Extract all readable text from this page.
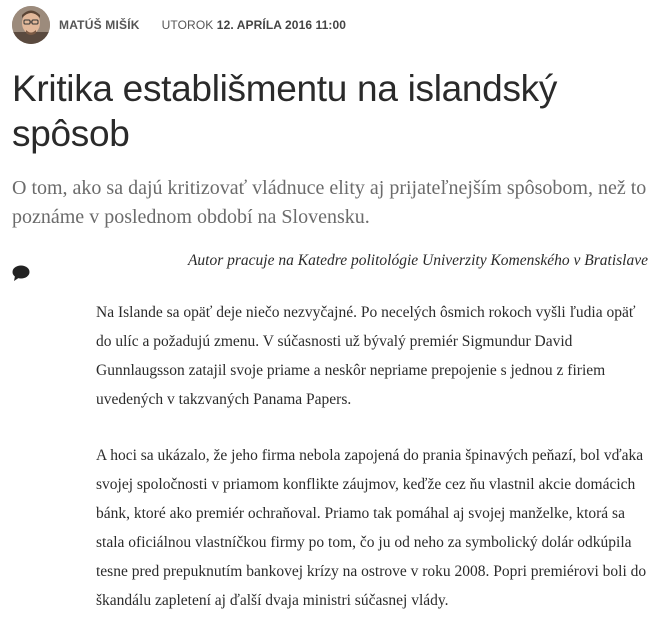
MATÚŠ MIŠÍK UTOROK 12. APRÍLA 2016 11:00
Kritika establišmentu na islandský spôsob

O tom, ako sa dajú kritizovať vládnuce elity aj prijateľnejším spôsobom, než to poznáme v poslednom období na Slovensku.

Autor pracuje na Katedre politológie Univerzity Komenského v Bratislave

Na Islande sa opäť deje niečo nezvyčajné. Po necelých ôsmich rokoch vyšli ľudia opäť do ulíc a požadujú zmenu. V súčasnosti už bývalý premiér Sigmundur David Gunnlaugsson zatajil svoje priame a neskôr nepriame prepojenie s jednou z firiem uvedených v takzvaných Panama Papers.

A hoci sa ukázalo, že jeho firma nebola zapojená do prania špinavých peňazí, bol vďaka svojej spoločnosti v priamom konflikte záujmov, keďže cez ňu vlastnil akcie domácich bánk, ktoré ako premiér ochraňoval. Priamo tak pomáhal aj svojej manželke, ktorá sa stala oficiálnou vlastníčkou firmy po tom, čo ju od neho za symbolický dolár odkúpila tesne pred prepuknutím bankovej krízy na ostrove v roku 2008. Popri premiérovi boli do škandálu zapletení aj ďalší dvaja ministri súčasnej vlády.
